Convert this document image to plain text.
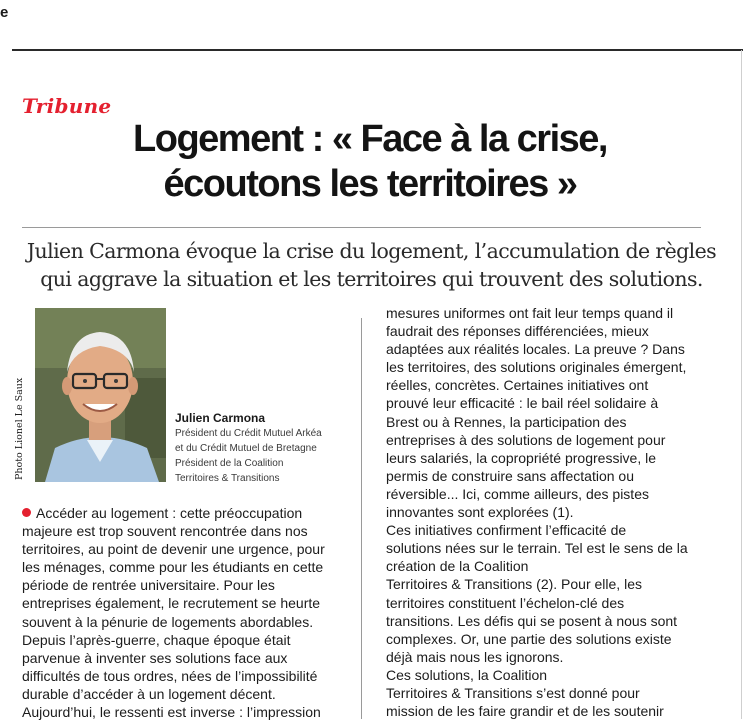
e
Tribune
Logement : « Face à la crise,
écoutons les territoires »
Julien Carmona évoque la crise du logement, l’accumulation de règles
qui aggrave la situation et les territoires qui trouvent des solutions.
Photo Lionel Le Saux	Julien Carmona
Président du Crédit Mutuel Arkéa
et du Crédit Mutuel de Bretagne
Président de la Coalition
Territoires & Transitions
Accéder au logement : cette préoccupation
majeure est trop souvent rencontrée dans nos
territoires, au point de devenir une urgence, pour
les ménages, comme pour les étudiants en cette
période de rentrée universitaire. Pour les
entreprises également, le recrutement se heurte
souvent à la pénurie de logements abordables.
Depuis l’après-guerre, chaque époque était
parvenue à inventer ses solutions face aux
difficultés de tous ordres, nées de l’impossibilité
durable d’accéder à un logement décent.
Aujourd’hui, le ressenti est inverse : l’impression
mesures uniformes ont fait leur temps quand il
faudrait des réponses différenciées, mieux
adaptées aux réalités locales. La preuve ? Dans
les territoires, des solutions originales émergent,
réelles, concrètes. Certaines initiatives ont
prouvé leur efficacité : le bail réel solidaire à
Brest ou à Rennes, la participation des
entreprises à des solutions de logement pour
leurs salariés, la copropriété progressive, le
permis de construire sans affectation ou
réversible... Ici, comme ailleurs, des pistes
innovantes sont explorées (1).
Ces initiatives confirment l’efficacité de
solutions nées sur le terrain. Tel est le sens de la
création de la Coalition
Territoires & Transitions (2). Pour elle, les
territoires constituent l’échelon-clé des
transitions. Les défis qui se posent à nous sont
complexes. Or, une partie des solutions existe
déjà mais nous les ignorons.
Ces solutions, la Coalition
Territoires & Transitions s’est donné pour
mission de les faire grandir et de les soutenir
